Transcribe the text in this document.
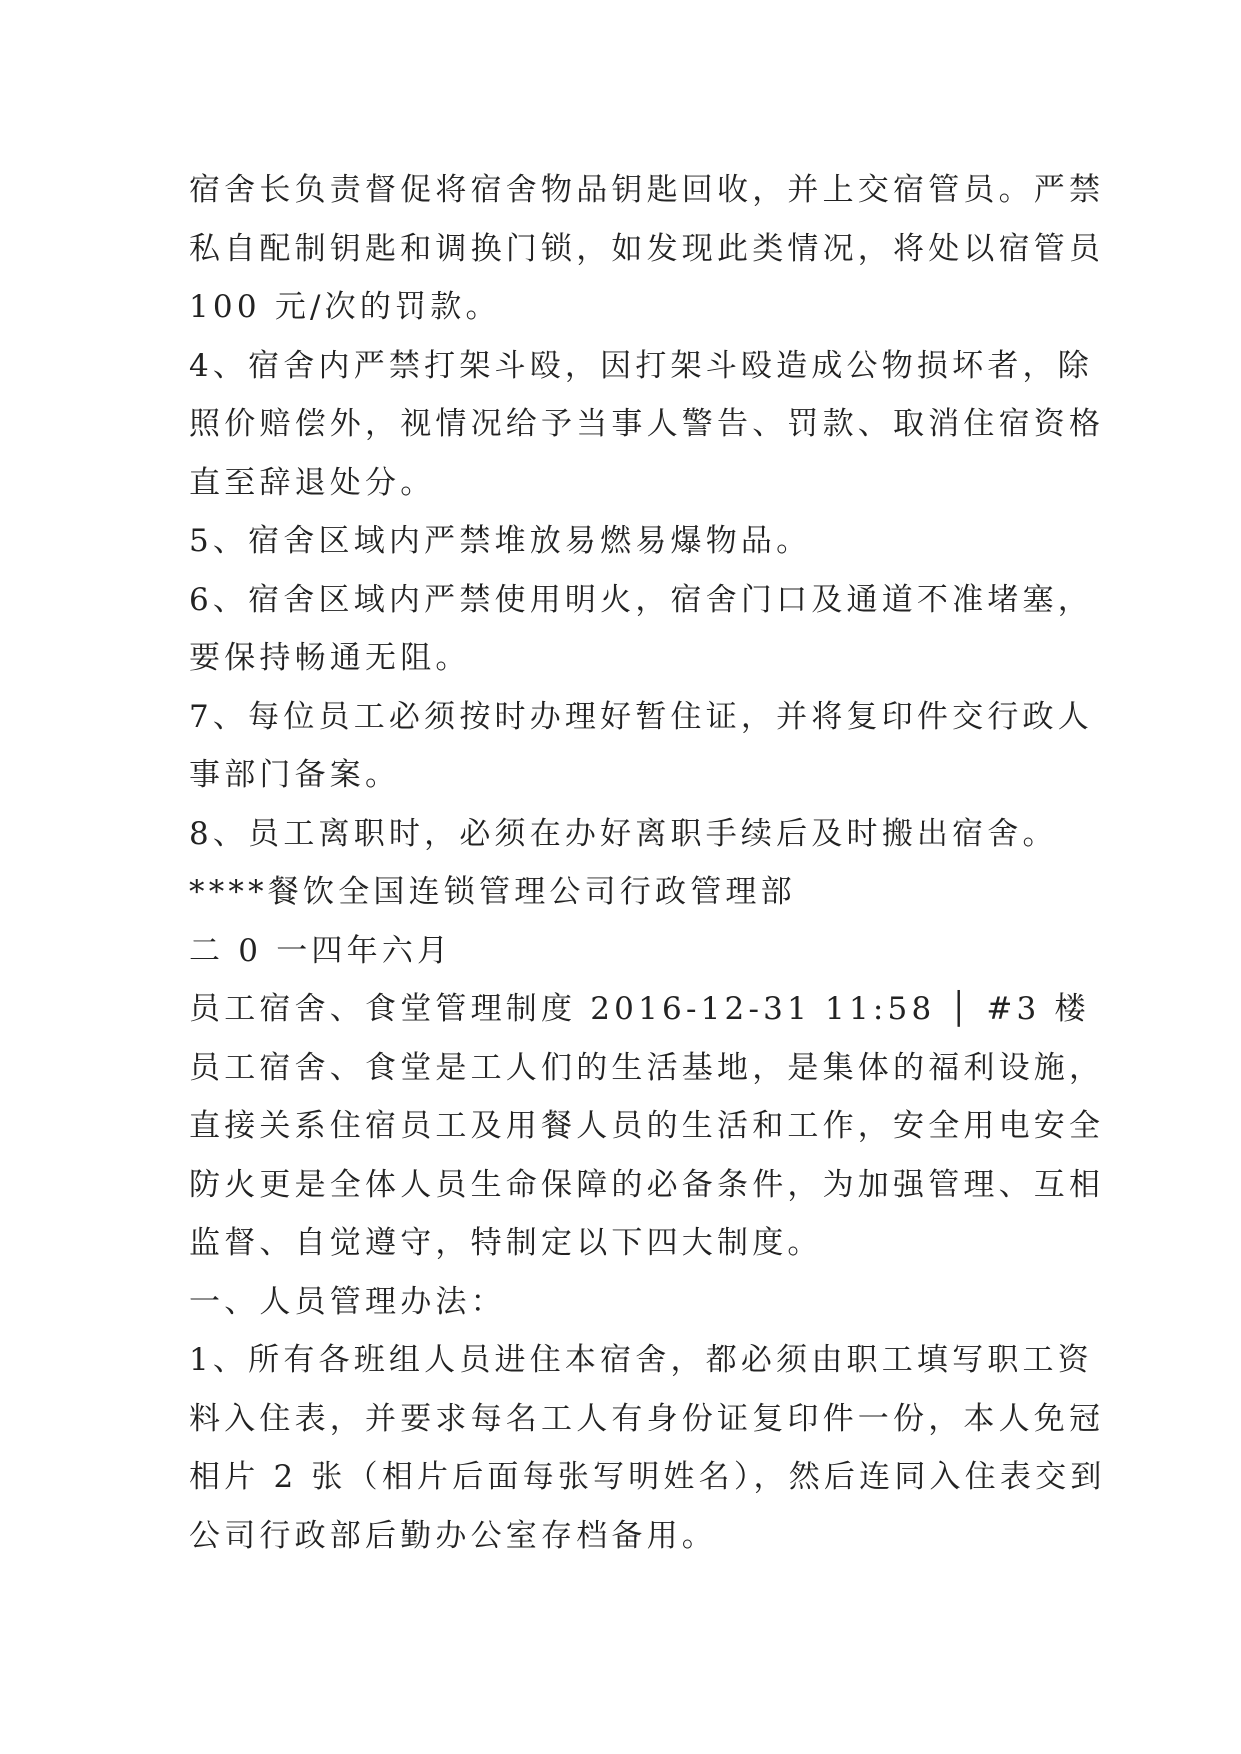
宿舍长负责督促将宿舍物品钥匙回收，并上交宿管员。严禁
私自配制钥匙和调换门锁，如发现此类情况，将处以宿管员
100 元/次的罚款。
4、宿舍内严禁打架斗殴，因打架斗殴造成公物损坏者，除
照价赔偿外，视情况给予当事人警告、罚款、取消住宿资格
直至辞退处分。
5、宿舍区域内严禁堆放易燃易爆物品。
6、宿舍区域内严禁使用明火，宿舍门口及通道不准堵塞，
要保持畅通无阻。
7、每位员工必须按时办理好暂住证，并将复印件交行政人
事部门备案。
8、员工离职时，必须在办好离职手续后及时搬出宿舍。
****餐饮全国连锁管理公司行政管理部
二 0 一四年六月
员工宿舍、食堂管理制度 2016-12-31 11:58 │ #3 楼
员工宿舍、食堂是工人们的生活基地，是集体的福利设施，
直接关系住宿员工及用餐人员的生活和工作，安全用电安全
防火更是全体人员生命保障的必备条件，为加强管理、互相
监督、自觉遵守，特制定以下四大制度。
一、人员管理办法：
1、所有各班组人员进住本宿舍，都必须由职工填写职工资
料入住表，并要求每名工人有身份证复印件一份，本人免冠
相片 2 张（相片后面每张写明姓名），然后连同入住表交到
公司行政部后勤办公室存档备用。
